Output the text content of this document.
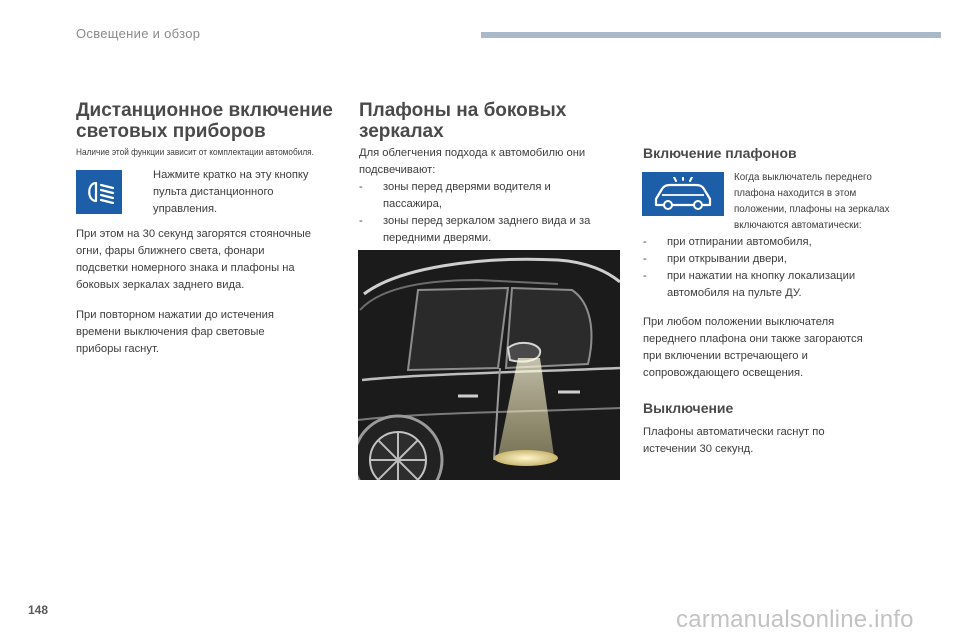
Освещение и обзор
Дистанционное включение
световых приборов
Наличие этой функции зависит от комплектации автомобиля.

Нажмите кратко на эту кнопку

пульта дистанционного

управления.

При этом на 30 секунд загорятся стояночные

огни, фары ближнего света, фонари

подсветки номерного знака и плафоны на

боковых зеркалах заднего вида.

При повторном нажатии до истечения

времени выключения фар световые

приборы гаснут.

Плафоны на боковых
зеркалах

Для облегчения подхода к автомобилю они

подсвечивают:

- зоны перед дверями водителя и

пассажира,

- зоны перед зеркалом заднего вида и за

передними дверями.

Включение плафонов

Когда выключатель переднего

плафона находится в этом

положении, плафоны на зеркалах

включаются автоматически:

- при отпирании автомобиля,

- при открывании двери,

- при нажатии на кнопку локализации

автомобиля на пульте ДУ.

При любом положении выключателя

переднего плафона они также загораются

при включении встречающего и

сопровождающего освещения.

Выключение

Плафоны автоматически гаснут по

истечении 30 секунд.

148	carmanualsonline.info
